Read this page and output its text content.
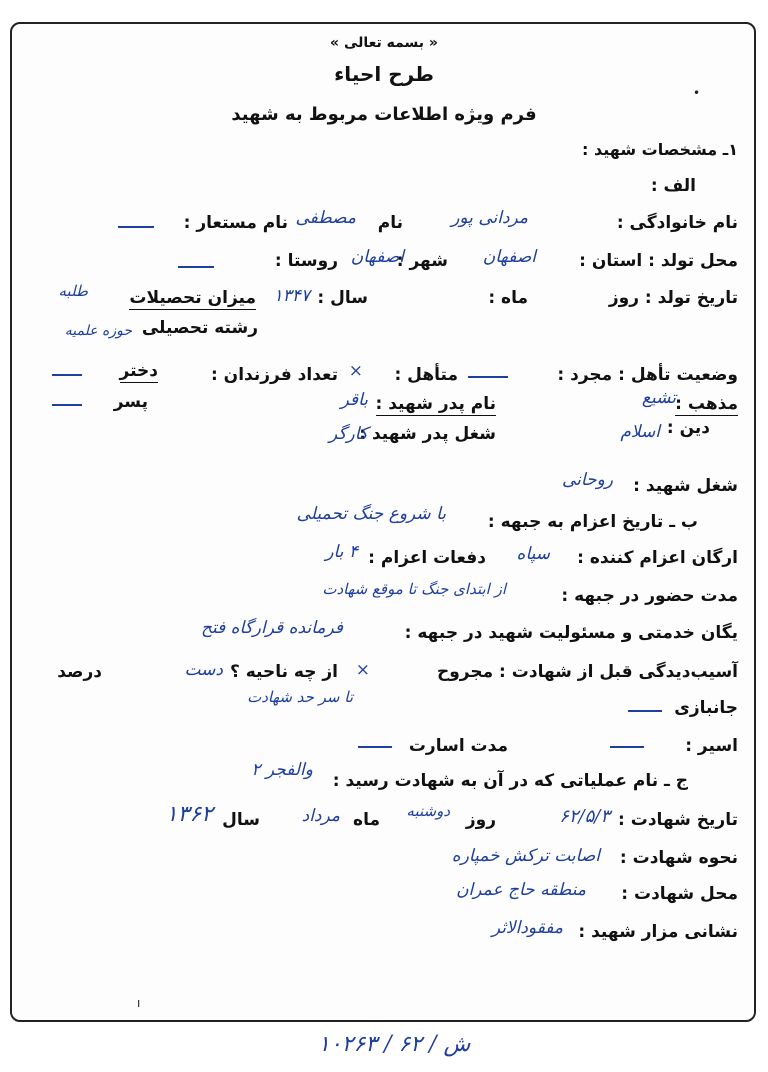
« بسمه تعالی »
طرح احیاء
فرم ویژه اطلاعات مربوط به شهید
١ـ مشخصات شهید :
الف :
نام خانوادگی :
مردانی پور
نام
مصطفی
نام مستعار :
محل تولد : استان :
اصفهان
شهر :
اصفهان
روستا :
تاریخ تولد : روز
ماه :
سال :
۱۳۴۷
میزان تحصیلات
طلبه
رشته تحصیلی
حوزه علمیه
وضعیت تأهل : مجرد :
متأهل :
×
تعداد فرزندان :
دختر
پسر	مذهب :
تشیع
نام پدر شهید :
باقر
دین :
اسلام
شغل پدر شهید :
کارگر
شغل شهید :
روحانی
ب ـ تاریخ اعزام به جبهه :
با شروع جنگ تحمیلی
ارگان اعزام کننده :
سپاه
دفعات اعزام :
۴ بار
مدت حضور در جبهه :
از ابتدای جنگ تا موقع شهادت
یگان خدمتی و مسئولیت شهید در جبهه :
فرمانده قرارگاه فتح
آسیب‌دیدگی قبل از شهادت : مجروح
×
از چه ناحیه ؟
دست
درصد
تا سر حد شهادت
جانبازی
اسیر :
مدت اسارت
ج ـ نام عملیاتی که در آن به شهادت رسید :
والفجر ۲
تاریخ شهادت :
۶۲/۵/۳
روز
دوشنبه
ماه
مرداد
سال
۱۳۶۲
نحوه شهادت :
اصابت ترکش خمپاره
محل شهادت :
منطقه حاج عمران
نشانی مزار شهید :
مفقودالاثر
•
ı
۱۰۲۶۳ / ۶۲ / ش
